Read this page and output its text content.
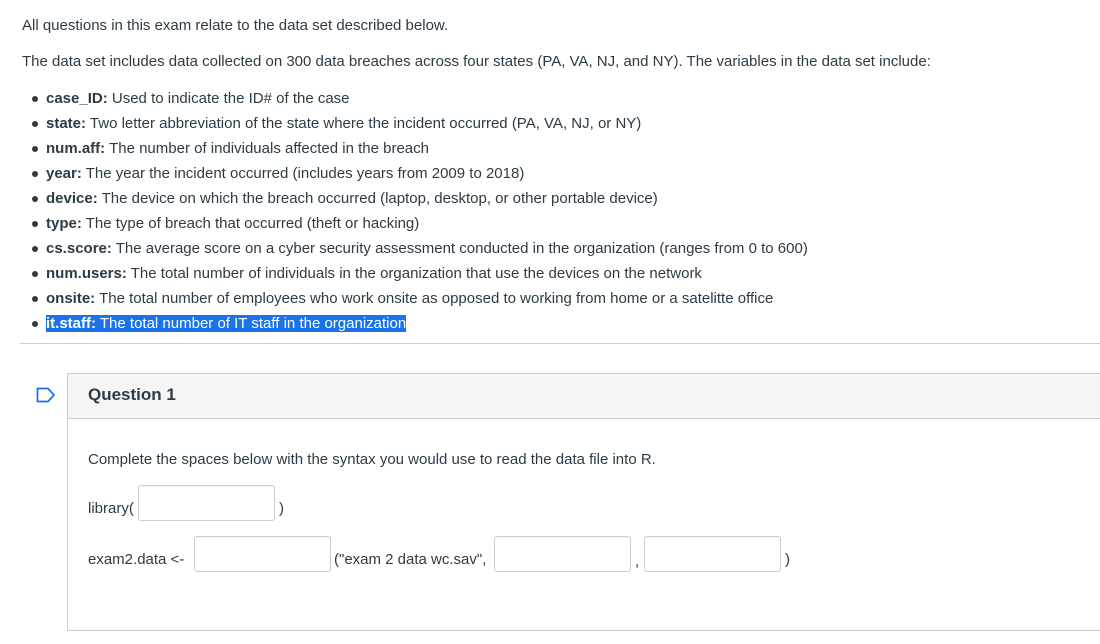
All questions in this exam relate to the data set described below.

The data set includes data collected on 300 data breaches across four states (PA, VA, NJ, and NY). The variables in the data set include:

case_ID: Used to indicate the ID# of the case
state: Two letter abbreviation of the state where the incident occurred (PA, VA, NJ, or NY)
num.aff: The number of individuals affected in the breach
year: The year the incident occurred (includes years from 2009 to 2018)
device: The device on which the breach occurred (laptop, desktop, or other portable device)
type: The type of breach that occurred (theft or hacking)
cs.score: The average score on a cyber security assessment conducted in the organization (ranges from 0 to 600)
num.users: The total number of individuals in the organization that use the devices on the network
onsite: The total number of employees who work onsite as opposed to working from home or a satelitte office
it.staff: The total number of IT staff in the organization
Question 1
Complete the spaces below with the syntax you would use to read the data file into R.
library(	)
exam2.data <-	("exam 2 data wc.sav",	,	)
